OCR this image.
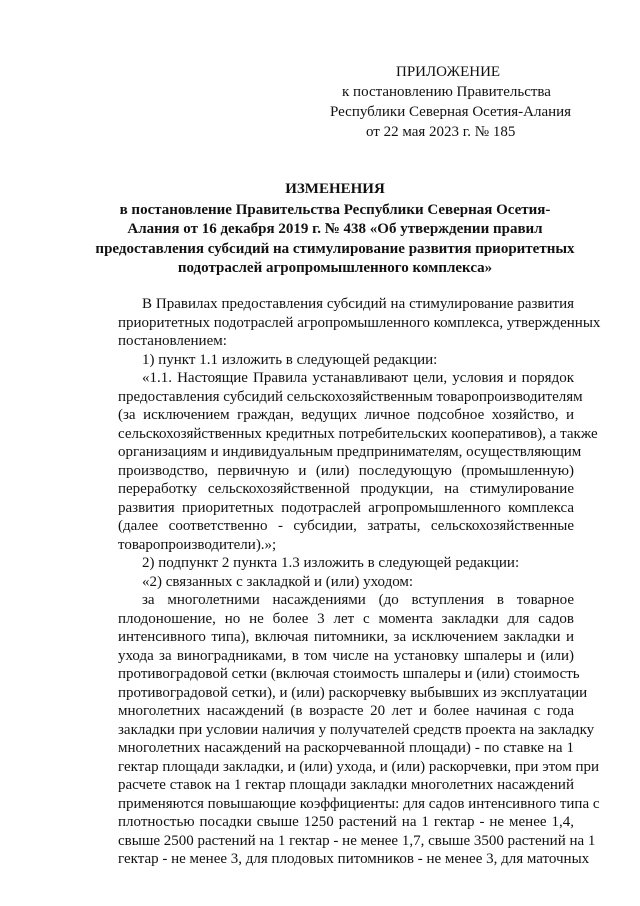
ПРИЛОЖЕНИЕ
к постановлению Правительства
Республики Северная Осетия-Алания
от 22 мая 2023 г. № 185
ИЗМЕНЕНИЯ
в постановление Правительства Республики Северная Осетия-
Алания от 16 декабря 2019 г. № 438 «Об утверждении правил
предоставления субсидий на стимулирование развития приоритетных
подотраслей агропромышленного комплекса»
В Правилах предоставления субсидий на стимулирование развития
приоритетных подотраслей агропромышленного комплекса, утвержденных
постановлением:
1) пункт 1.1 изложить в следующей редакции:
«1.1. Настоящие Правила устанавливают цели, условия и порядок
предоставления субсидий сельскохозяйственным товаропроизводителям
(за исключением граждан, ведущих личное подсобное хозяйство, и
сельскохозяйственных кредитных потребительских кооперативов), а также
организациям и индивидуальным предпринимателям, осуществляющим
производство, первичную и (или) последующую (промышленную)
переработку сельскохозяйственной продукции, на стимулирование
развития приоритетных подотраслей агропромышленного комплекса
(далее соответственно - субсидии, затраты, сельскохозяйственные
товаропроизводители).»;
2) подпункт 2 пункта 1.3 изложить в следующей редакции:
«2) связанных с закладкой и (или) уходом:
за многолетними насаждениями (до вступления в товарное
плодоношение, но не более 3 лет с момента закладки для садов
интенсивного типа), включая питомники, за исключением закладки и
ухода за виноградниками, в том числе на установку шпалеры и (или)
противоградовой сетки (включая стоимость шпалеры и (или) стоимость
противоградовой сетки), и (или) раскорчевку выбывших из эксплуатации
многолетних насаждений (в возрасте 20 лет и более начиная с года
закладки при условии наличия у получателей средств проекта на закладку
многолетних насаждений на раскорчеванной площади) - по ставке на 1
гектар площади закладки, и (или) ухода, и (или) раскорчевки, при этом при
расчете ставок на 1 гектар площади закладки многолетних насаждений
применяются повышающие коэффициенты: для садов интенсивного типа с
плотностью посадки свыше 1250 растений на 1 гектар - не менее 1,4,
свыше 2500 растений на 1 гектар - не менее 1,7, свыше 3500 растений на 1
гектар - не менее 3, для плодовых питомников - не менее 3, для маточных
